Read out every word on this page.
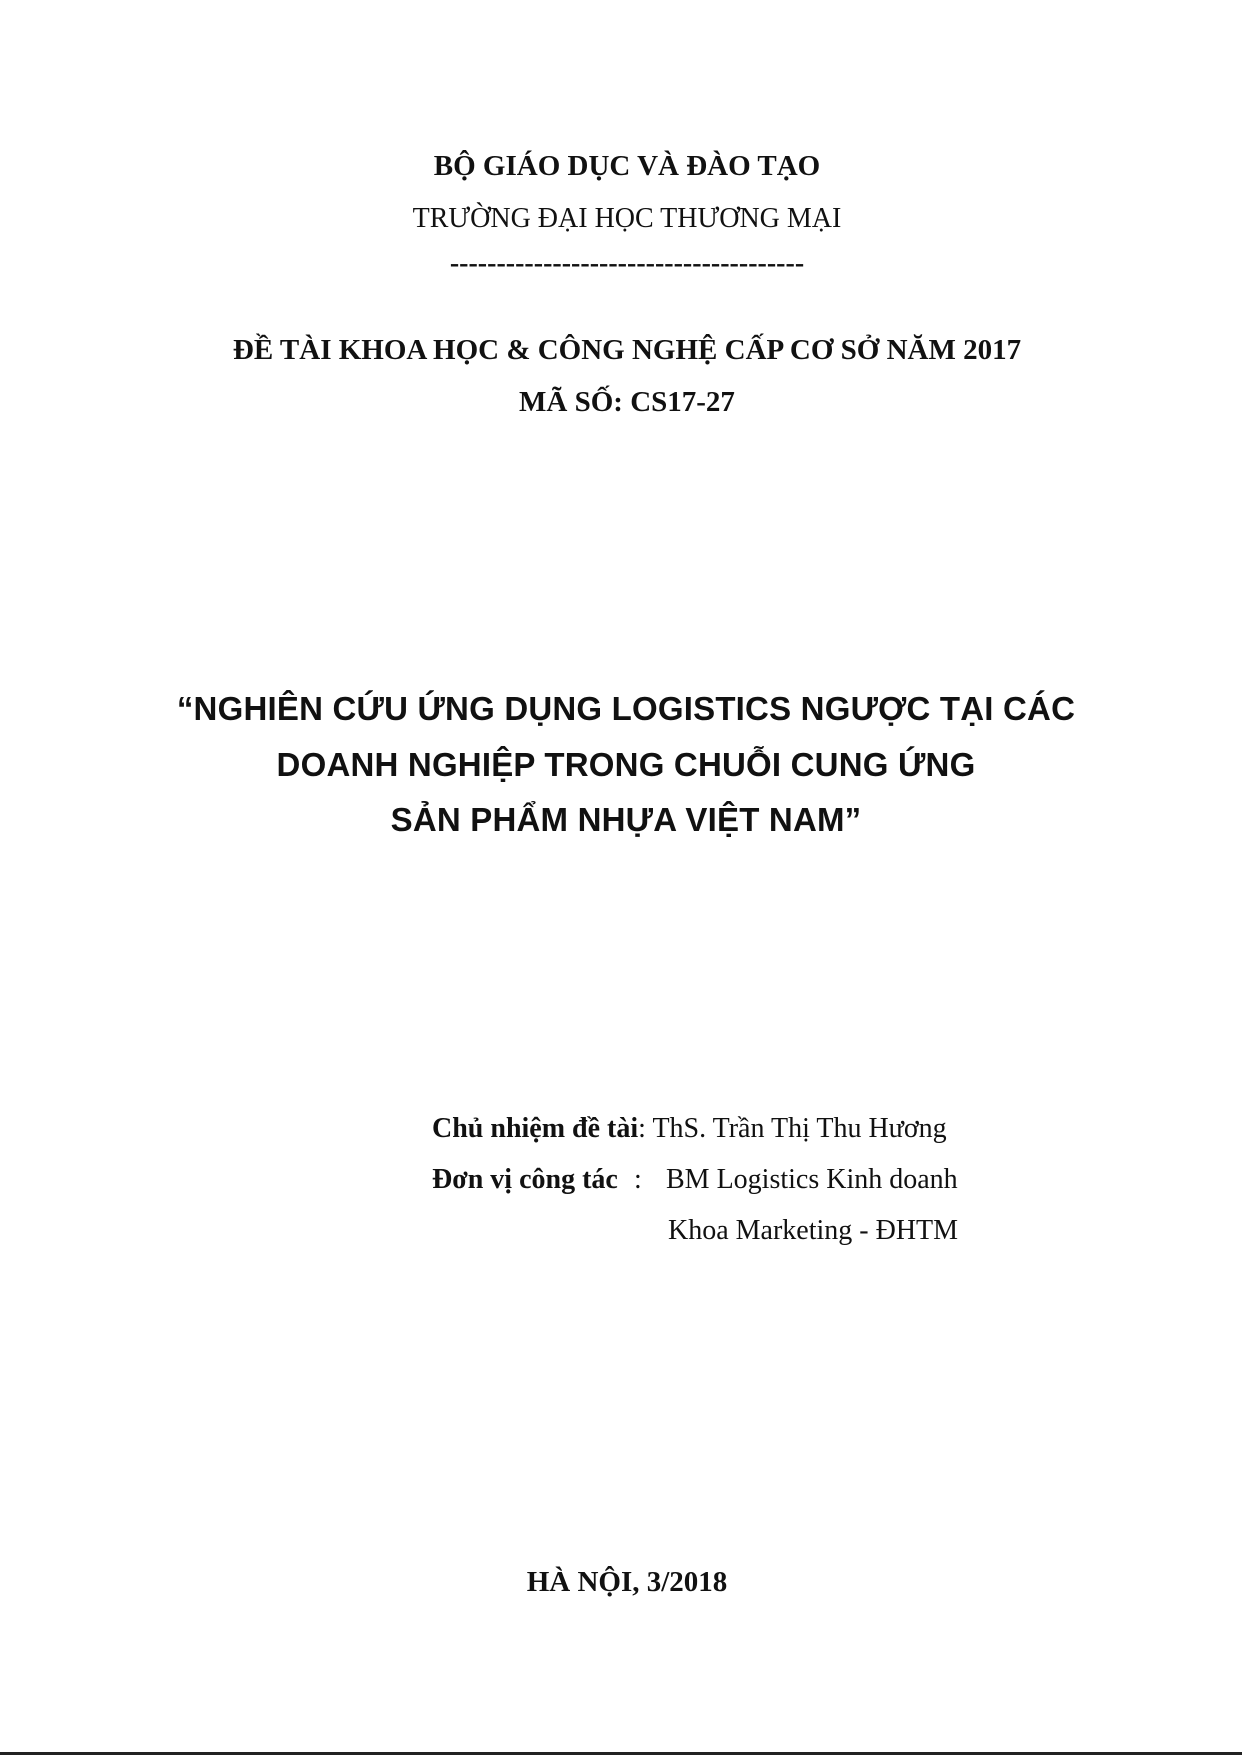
BỘ GIÁO DỤC VÀ ĐÀO TẠO
TRƯỜNG ĐẠI HỌC THƯƠNG MẠI
--------------------------------------
ĐỀ TÀI KHOA HỌC & CÔNG NGHỆ CẤP CƠ SỞ NĂM 2017
MÃ SỐ: CS17-27
“NGHIÊN CỨU ỨNG DỤNG LOGISTICS NGƯỢC TẠI CÁC
DOANH NGHIỆP TRONG CHUỖI CUNG ỨNG
SẢN PHẨM NHỰA VIỆT NAM”
Chủ nhiệm đề tài: ThS. Trần Thị Thu Hương
Đơn vị công tác : BM Logistics Kinh doanh
Khoa Marketing - ĐHTM
HÀ NỘI, 3/2018
